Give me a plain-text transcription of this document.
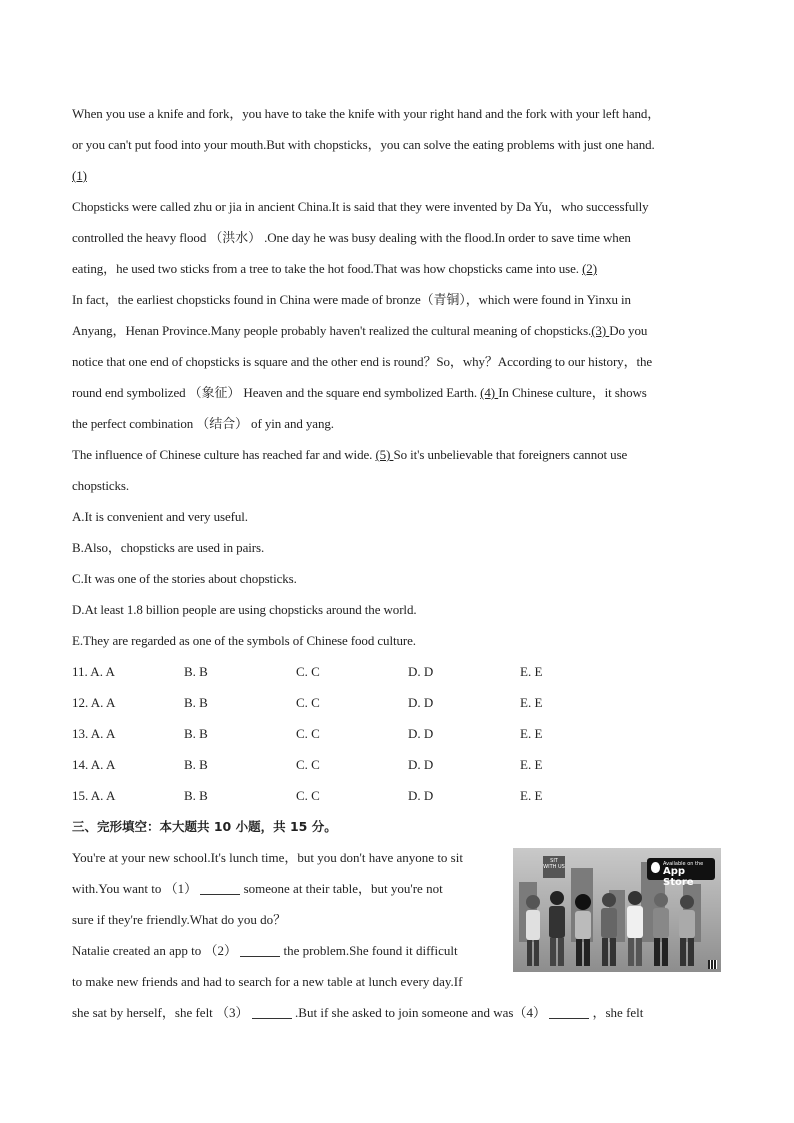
When you use a knife and fork，you have to take the knife with your right hand and the fork with your left hand，
or you can't put food into your mouth.But with chopsticks，you can solve the eating problems with just one hand.
(1)
Chopsticks were called zhu or jia in ancient China.It is said that they were invented by Da Yu，who successfully
controlled the heavy flood （洪水） .One day he was busy dealing with the flood.In order to save time when
eating，he used two sticks from a tree to take the hot food.That was how chopsticks came into use. (2)
In fact，the earliest chopsticks found in China were made of bronze（青铜），which were found in Yinxu in
Anyang，Henan Province.Many people probably haven't realized the cultural meaning of chopsticks.(3) Do you
notice that one end of chopsticks is square and the other end is round？So，why？According to our history，the
round end symbolized （象征） Heaven and the square end symbolized Earth. (4) In Chinese culture，it shows
the perfect combination （结合） of yin and yang.
The influence of Chinese culture has reached far and wide. (5) So it's unbelievable that foreigners cannot use
chopsticks.
A.It is convenient and very useful.
B.Also，chopsticks are used in pairs.
C.It was one of the stories about chopsticks.
D.At least 1.8 billion people are using chopsticks around the world.
E.They are regarded as one of the symbols of Chinese food culture.
11. A. A	B. B	C. C	D. D	E. E
12. A. A	B. B	C. C	D. D	E. E
13. A. A	B. B	C. C	D. D	E. E
14. A. A	B. B	C. C	D. D	E. E
15. A. A	B. B	C. C	D. D	E. E
三、完形填空：本大题共 10 小题，共 15 分。
You're at your new school.It's lunch time，but you don't have anyone to sit
with.You want to （1）	someone at their table，but you're not
sure if they're friendly.What do you do？
Natalie created an app to （2）	the problem.She found it difficult
to make new friends and had to search for a new table at lunch every day.If
she sat by herself，she felt （3）	.But if she asked to join someone and was（4）	，she felt
SIT WITH US	Available on the
App Store
